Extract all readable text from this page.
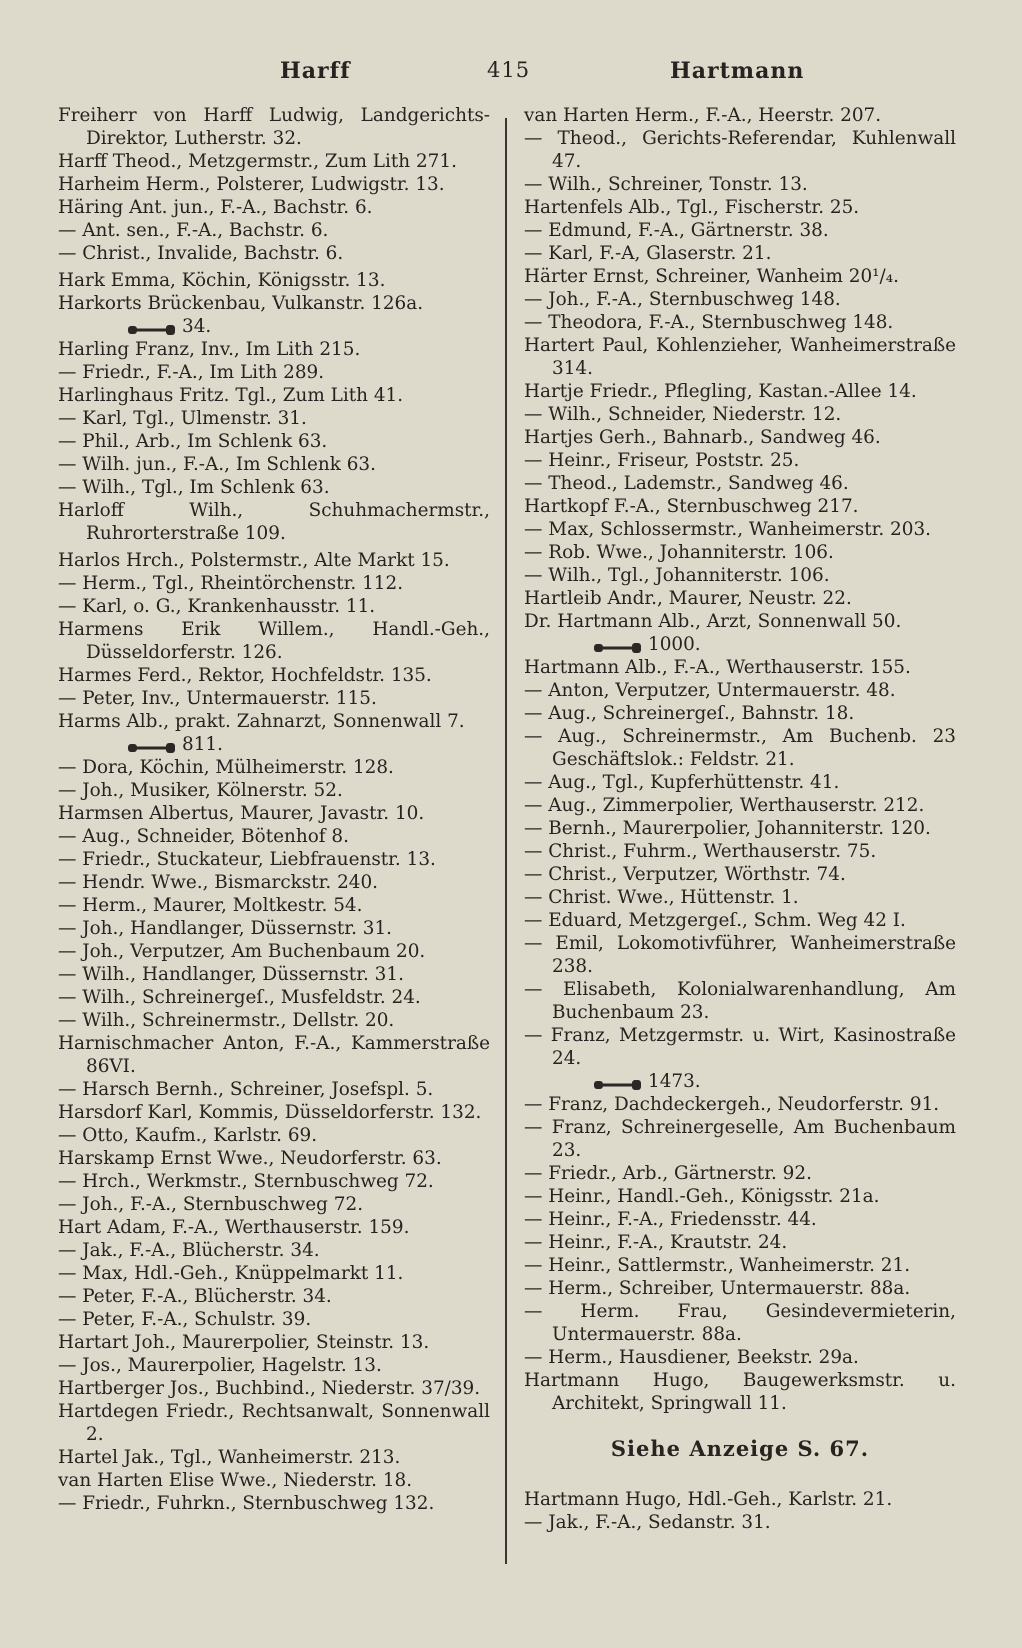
Harff	415	Hartmann
Freiherr von Harff Ludwig, Landgerichts-Direktor, Lutherstr. 32.
Harff Theod., Metzgermstr., Zum Lith 271.
Harheim Herm., Polsterer, Ludwigstr. 13.
Häring Ant. jun., F.-A., Bachstr. 6.
— Ant. sen., F.-A., Bachstr. 6.
— Christ., Invalide, Bachstr. 6.
Hark Emma, Köchin, Königsstr. 13.
Harkorts Brückenbau, Vulkanstr. 126a.
34.
Harling Franz, Inv., Im Lith 215.
— Friedr., F.-A., Im Lith 289.
Harlinghaus Fritz. Tgl., Zum Lith 41.
— Karl, Tgl., Ulmenstr. 31.
— Phil., Arb., Im Schlenk 63.
— Wilh. jun., F.-A., Im Schlenk 63.
— Wilh., Tgl., Im Schlenk 63.
Harloff Wilh., Schuhmachermstr., Ruhrorterstraße 109.
Harlos Hrch., Polstermstr., Alte Markt 15.
— Herm., Tgl., Rheintörchenstr. 112.
— Karl, o. G., Krankenhausstr. 11.
Harmens Erik Willem., Handl.-Geh., Düsseldorferstr. 126.
Harmes Ferd., Rektor, Hochfeldstr. 135.
— Peter, Inv., Untermauerstr. 115.
Harms Alb., prakt. Zahnarzt, Sonnenwall 7.
811.
— Dora, Köchin, Mülheimerstr. 128.
— Joh., Musiker, Kölnerstr. 52.
Harmsen Albertus, Maurer, Javastr. 10.
— Aug., Schneider, Bötenhof 8.
— Friedr., Stuckateur, Liebfrauenstr. 13.
— Hendr. Wwe., Bismarckstr. 240.
— Herm., Maurer, Moltkestr. 54.
— Joh., Handlanger, Düssernstr. 31.
— Joh., Verputzer, Am Buchenbaum 20.
— Wilh., Handlanger, Düssernstr. 31.
— Wilh., Schreinergeſ., Musfeldstr. 24.
— Wilh., Schreinermstr., Dellstr. 20.
Harnischmacher Anton, F.-A., Kammerstraße 86VI.
— Harsch Bernh., Schreiner, Josefspl. 5.
Harsdorf Karl, Kommis, Düsseldorferstr. 132.
— Otto, Kaufm., Karlstr. 69.
Harskamp Ernst Wwe., Neudorferstr. 63.
— Hrch., Werkmstr., Sternbuschweg 72.
— Joh., F.-A., Sternbuschweg 72.
Hart Adam, F.-A., Werthauserstr. 159.
— Jak., F.-A., Blücherstr. 34.
— Max, Hdl.-Geh., Knüppelmarkt 11.
— Peter, F.-A., Blücherstr. 34.
— Peter, F.-A., Schulstr. 39.
Hartart Joh., Maurerpolier, Steinstr. 13.
— Jos., Maurerpolier, Hagelstr. 13.
Hartberger Jos., Buchbind., Niederstr. 37/39.
Hartdegen Friedr., Rechtsanwalt, Sonnenwall 2.
Hartel Jak., Tgl., Wanheimerstr. 213.
van Harten Elise Wwe., Niederstr. 18.
— Friedr., Fuhrkn., Sternbuschweg 132.
van Harten Herm., F.-A., Heerstr. 207.
— Theod., Gerichts-Referendar, Kuhlenwall 47.
— Wilh., Schreiner, Tonstr. 13.
Hartenfels Alb., Tgl., Fischerstr. 25.
— Edmund, F.-A., Gärtnerstr. 38.
— Karl, F.-A, Glaserstr. 21.
Härter Ernst, Schreiner, Wanheim 20¹/₄.
— Joh., F.-A., Sternbuschweg 148.
— Theodora, F.-A., Sternbuschweg 148.
Hartert Paul, Kohlenzieher, Wanheimerstraße 314.
Hartje Friedr., Pflegling, Kastan.-Allee 14.
— Wilh., Schneider, Niederstr. 12.
Hartjes Gerh., Bahnarb., Sandweg 46.
— Heinr., Friseur, Poststr. 25.
— Theod., Lademstr., Sandweg 46.
Hartkopf F.-A., Sternbuschweg 217.
— Max, Schlossermstr., Wanheimerstr. 203.
— Rob. Wwe., Johanniterstr. 106.
— Wilh., Tgl., Johanniterstr. 106.
Hartleib Andr., Maurer, Neustr. 22.
Dr. Hartmann Alb., Arzt, Sonnenwall 50.
1000.
Hartmann Alb., F.-A., Werthauserstr. 155.
— Anton, Verputzer, Untermauerstr. 48.
— Aug., Schreinergeſ., Bahnstr. 18.
— Aug., Schreinermstr., Am Buchenb. 23 Geschäftslok.: Feldstr. 21.
— Aug., Tgl., Kupferhüttenstr. 41.
— Aug., Zimmerpolier, Werthauserstr. 212.
— Bernh., Maurerpolier, Johanniterstr. 120.
— Christ., Fuhrm., Werthauserstr. 75.
— Christ., Verputzer, Wörthstr. 74.
— Christ. Wwe., Hüttenstr. 1.
— Eduard, Metzgergeſ., Schm. Weg 42 I.
— Emil, Lokomotivführer, Wanheimerstraße 238.
— Elisabeth, Kolonialwarenhandlung, Am Buchenbaum 23.
— Franz, Metzgermstr. u. Wirt, Kasinostraße 24.
1473.
— Franz, Dachdeckergeh., Neudorferstr. 91.
— Franz, Schreinergeselle, Am Buchenbaum 23.
— Friedr., Arb., Gärtnerstr. 92.
— Heinr., Handl.-Geh., Königsstr. 21a.
— Heinr., F.-A., Friedensstr. 44.
— Heinr., F.-A., Krautstr. 24.
— Heinr., Sattlermstr., Wanheimerstr. 21.
— Herm., Schreiber, Untermauerstr. 88a.
— Herm. Frau, Gesindevermieterin, Untermauerstr. 88a.
— Herm., Hausdiener, Beekstr. 29a.
Hartmann Hugo, Baugewerksmstr. u. Architekt, Springwall 11.
Siehe Anzeige S. 67.
Hartmann Hugo, Hdl.-Geh., Karlstr. 21.
— Jak., F.-A., Sedanstr. 31.
